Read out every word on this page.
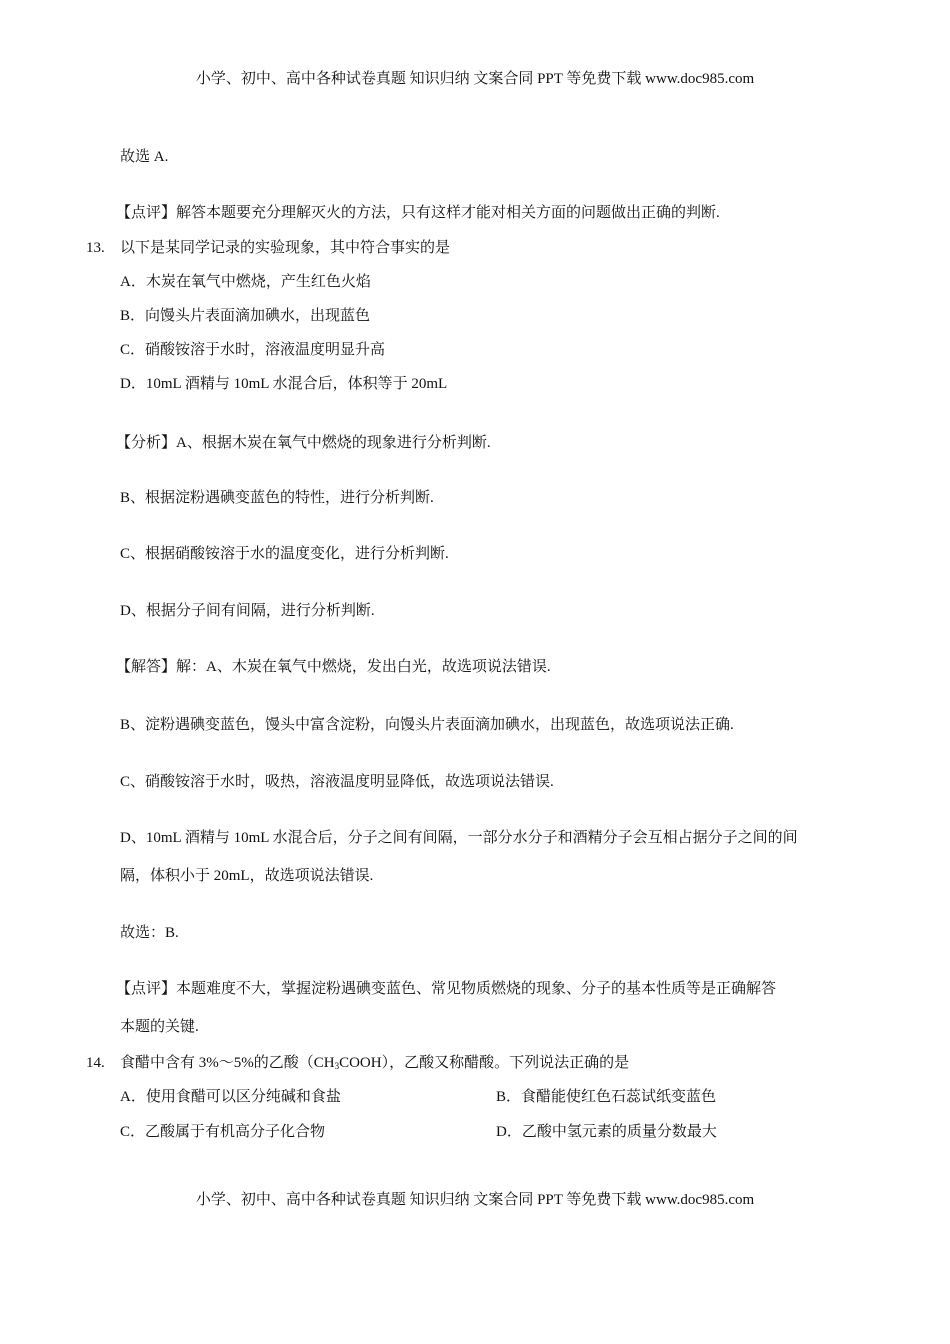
小学、初中、高中各种试卷真题 知识归纳 文案合同 PPT 等免费下载 www.doc985.com
故选 A.
【点评】解答本题要充分理解灭火的方法，只有这样才能对相关方面的问题做出正确的判断.
13. 以下是某同学记录的实验现象，其中符合事实的是
A．木炭在氧气中燃烧，产生红色火焰
B．向馒头片表面滴加碘水，出现蓝色
C．硝酸铵溶于水时，溶液温度明显升高
D．10mL 酒精与 10mL 水混合后，体积等于 20mL
【分析】A、根据木炭在氧气中燃烧的现象进行分析判断.
B、根据淀粉遇碘变蓝色的特性，进行分析判断.
C、根据硝酸铵溶于水的温度变化，进行分析判断.
D、根据分子间有间隔，进行分析判断.
【解答】解：A、木炭在氧气中燃烧，发出白光，故选项说法错误.
B、淀粉遇碘变蓝色，馒头中富含淀粉，向馒头片表面滴加碘水，出现蓝色，故选项说法正确.
C、硝酸铵溶于水时，吸热，溶液温度明显降低，故选项说法错误.
D、10mL 酒精与 10mL 水混合后，分子之间有间隔，一部分水分子和酒精分子会互相占据分子之间的间
隔，体积小于 20mL，故选项说法错误.
故选：B.
【点评】本题难度不大，掌握淀粉遇碘变蓝色、常见物质燃烧的现象、分子的基本性质等是正确解答
本题的关键.
14. 食醋中含有 3%～5%的乙酸$(CH_3COOH)$，乙酸又称醋酸。下列说法正确的是
A．使用食醋可以区分纯碱和食盐	B．食醋能使红色石蕊试纸变蓝色
C．乙酸属于有机高分子化合物	D．乙酸中氢元素的质量分数最大
小学、初中、高中各种试卷真题 知识归纳 文案合同 PPT 等免费下载 www.doc985.com
